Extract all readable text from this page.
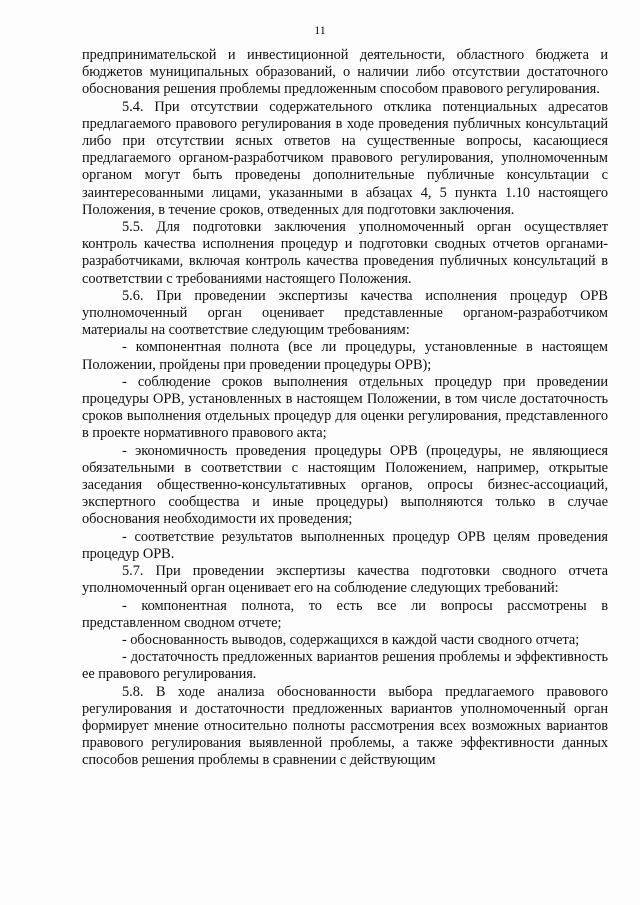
11

предпринимательской и инвестиционной деятельности, областного бюджета и бюджетов муниципальных образований, о наличии либо отсутствии достаточного обоснования решения проблемы предложенным способом правового регулирования.

5.4. При отсутствии содержательного отклика потенциальных адресатов предлагаемого правового регулирования в ходе проведения публичных консультаций либо при отсутствии ясных ответов на существенные вопросы, касающиеся предлагаемого органом-разработчиком правового регулирования, уполномоченным органом могут быть проведены дополнительные публичные консультации с заинтересованными лицами, указанными в абзацах 4, 5 пункта 1.10 настоящего Положения, в течение сроков, отведенных для подготовки заключения.

5.5. Для подготовки заключения уполномоченный орган осуществляет контроль качества исполнения процедур и подготовки сводных отчетов органами-разработчиками, включая контроль качества проведения публичных консультаций в соответствии с требованиями настоящего Положения.

5.6. При проведении экспертизы качества исполнения процедур ОРВ уполномоченный орган оценивает представленные органом-разработчиком материалы на соответствие следующим требованиям:

- компонентная полнота (все ли процедуры, установленные в настоящем Положении, пройдены при проведении процедуры ОРВ);

- соблюдение сроков выполнения отдельных процедур при проведении процедуры ОРВ, установленных в настоящем Положении, в том числе достаточность сроков выполнения отдельных процедур для оценки регулирования, представленного в проекте нормативного правового акта;

- экономичность проведения процедуры ОРВ (процедуры, не являющиеся обязательными в соответствии с настоящим Положением, например, открытые заседания общественно-консультативных органов, опросы бизнес-ассоциаций, экспертного сообщества и иные процедуры) выполняются только в случае обоснования необходимости их проведения;

- соответствие результатов выполненных процедур ОРВ целям проведения процедур ОРВ.

5.7. При проведении экспертизы качества подготовки сводного отчета уполномоченный орган оценивает его на соблюдение следующих требований:

- компонентная полнота, то есть все ли вопросы рассмотрены в представленном сводном отчете;

- обоснованность выводов, содержащихся в каждой части сводного отчета;

- достаточность предложенных вариантов решения проблемы и эффективность ее правового регулирования.

5.8. В ходе анализа обоснованности выбора предлагаемого правового регулирования и достаточности предложенных вариантов уполномоченный орган формирует мнение относительно полноты рассмотрения всех возможных вариантов правового регулирования выявленной проблемы, а также эффективности данных способов решения проблемы в сравнении с действующим
